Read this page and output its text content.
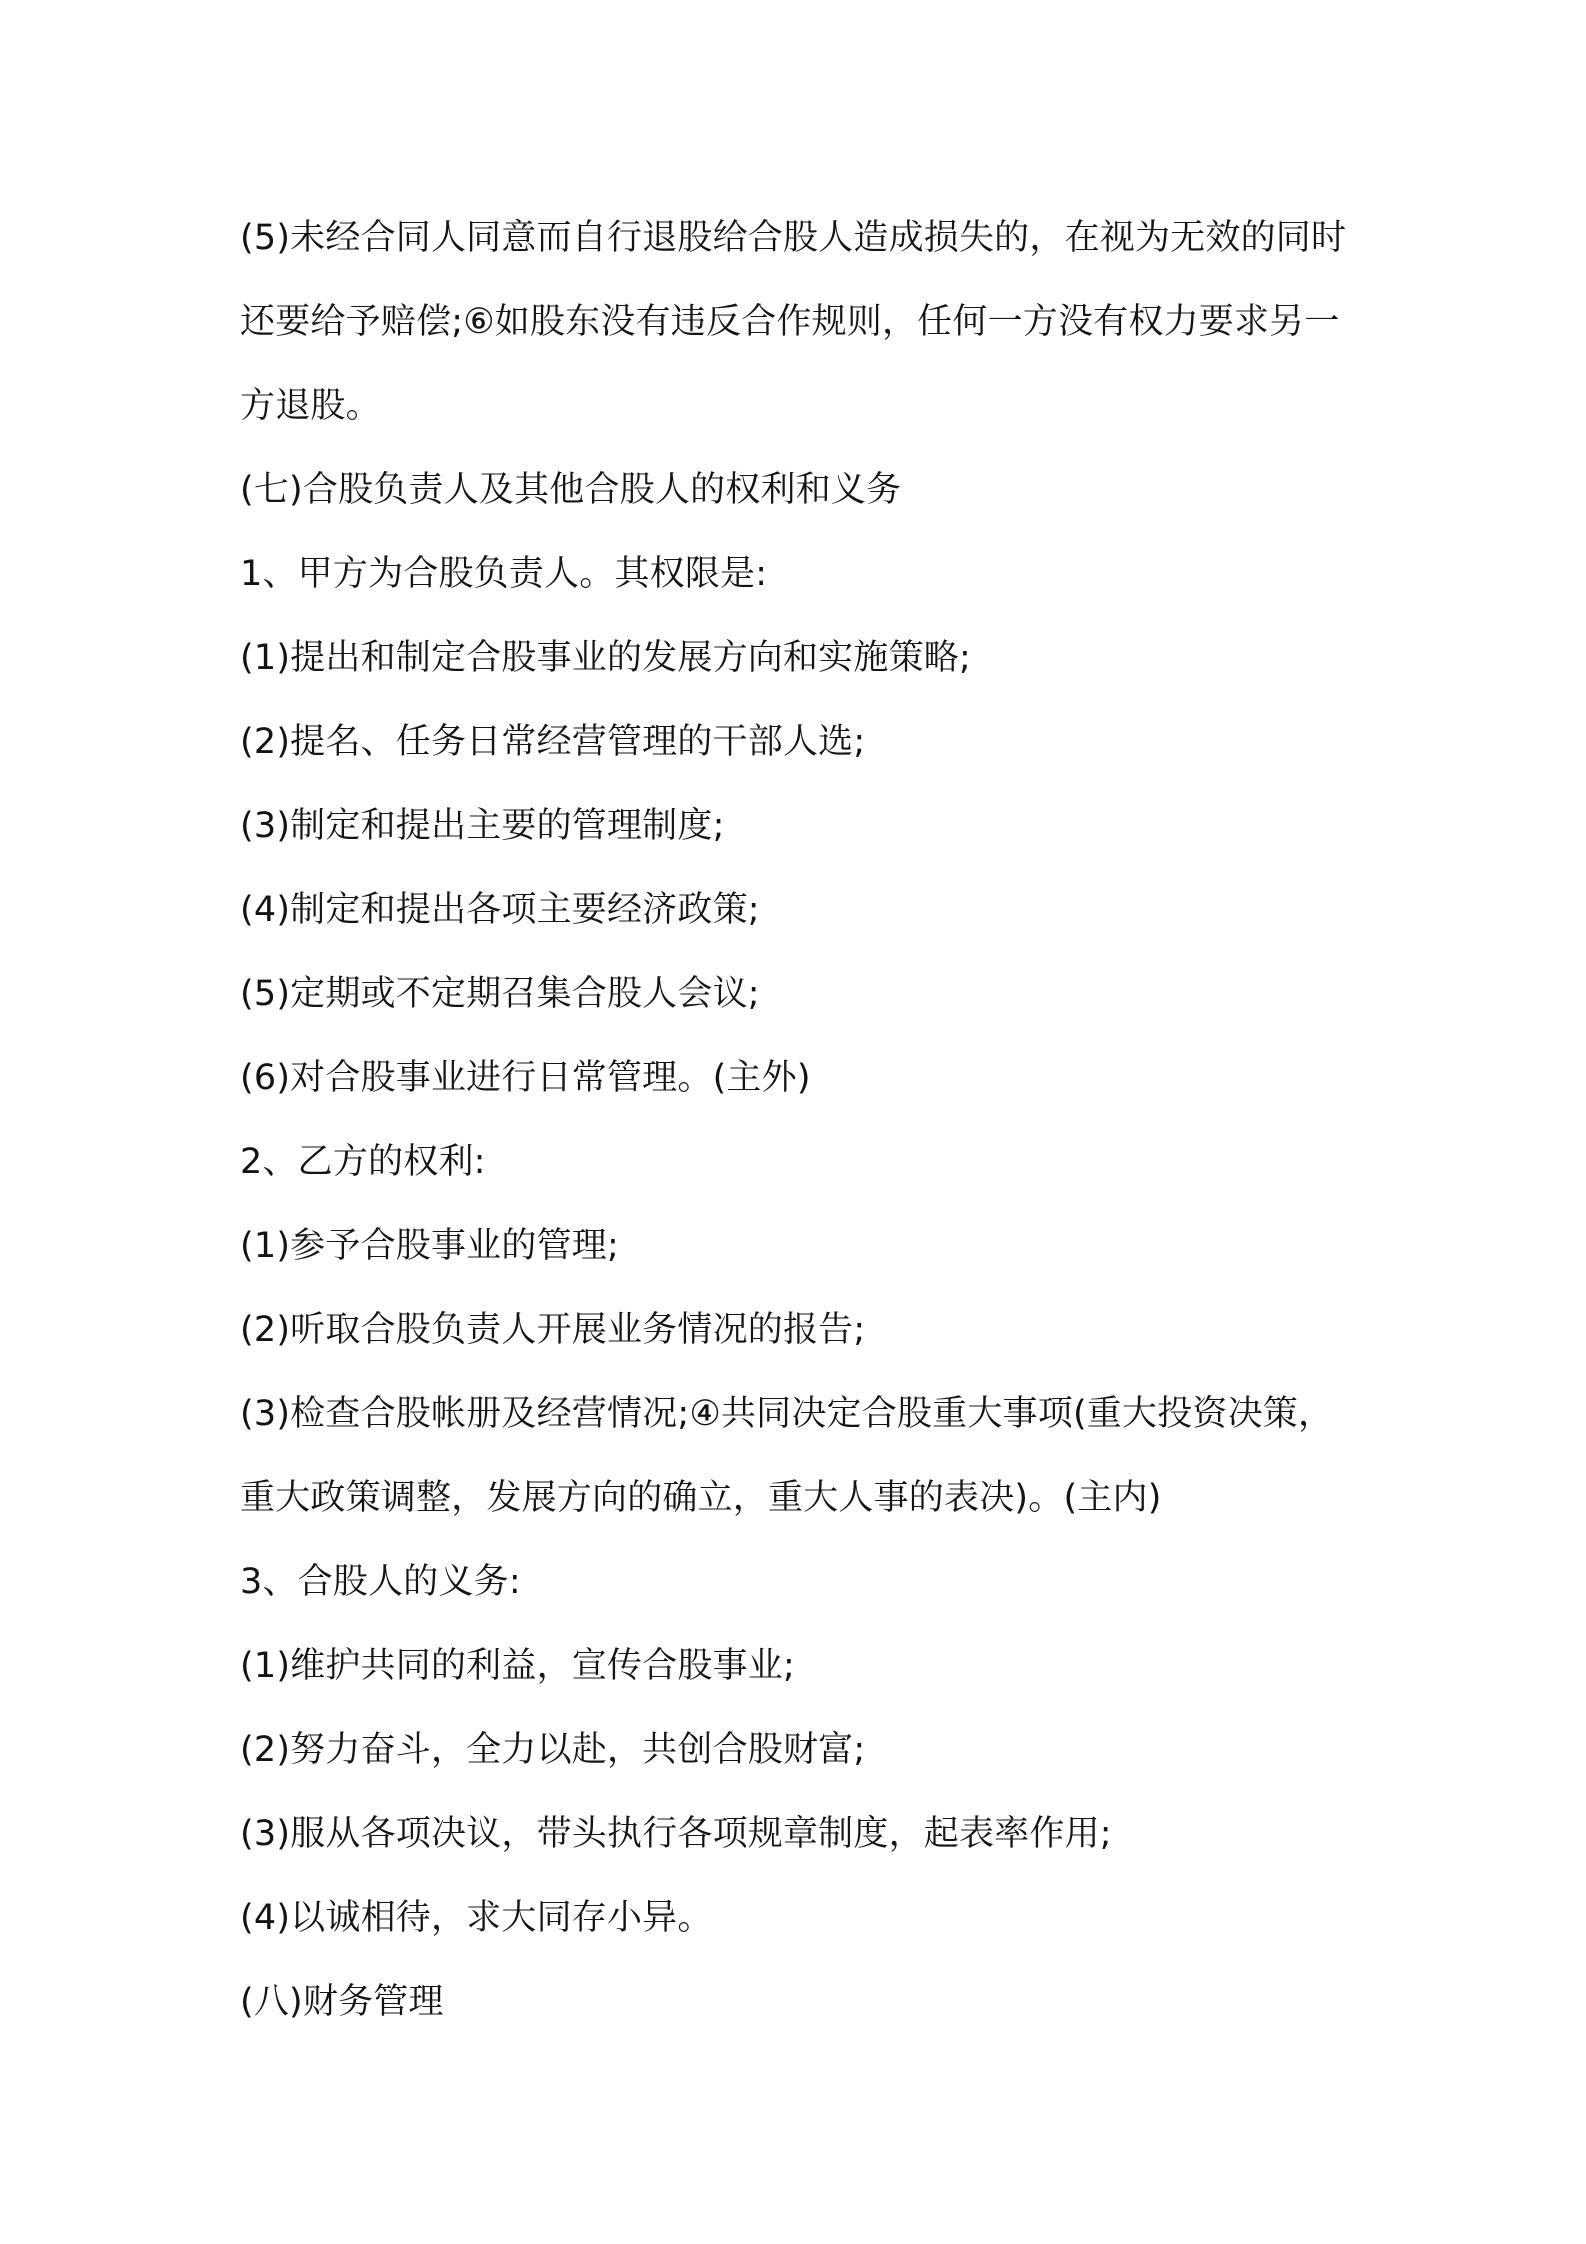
(5)未经合同人同意而自行退股给合股人造成损失的，在视为无效的同时还要给予赔偿;⑥如股东没有违反合作规则，任何一方没有权力要求另一方退股。

(七)合股负责人及其他合股人的权利和义务

1、甲方为合股负责人。其权限是:

(1)提出和制定合股事业的发展方向和实施策略;

(2)提名、任务日常经营管理的干部人选;

(3)制定和提出主要的管理制度;

(4)制定和提出各项主要经济政策;

(5)定期或不定期召集合股人会议;

(6)对合股事业进行日常管理。(主外)

2、乙方的权利:

(1)参予合股事业的管理;

(2)听取合股负责人开展业务情况的报告;

(3)检查合股帐册及经营情况;④共同决定合股重大事项(重大投资决策，重大政策调整，发展方向的确立，重大人事的表决)。(主内)

3、合股人的义务:

(1)维护共同的利益，宣传合股事业;

(2)努力奋斗，全力以赴，共创合股财富;

(3)服从各项决议，带头执行各项规章制度，起表率作用;

(4)以诚相待，求大同存小异。

(八)财务管理
